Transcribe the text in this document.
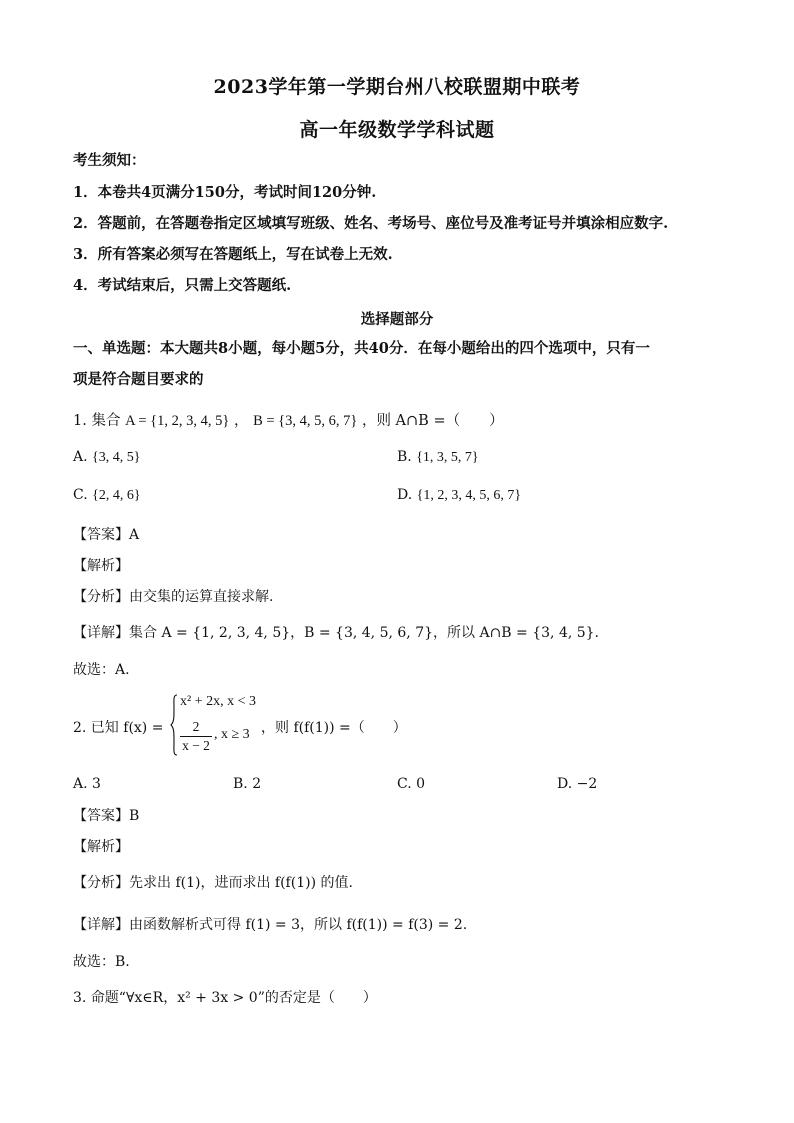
2023学年第一学期台州八校联盟期中联考
高一年级数学学科试题
考生须知：
1．本卷共4页满分150分，考试时间120分钟.
2．答题前，在答题卷指定区域填写班级、姓名、考场号、座位号及准考证号并填涂相应数字.
3．所有答案必须写在答题纸上，写在试卷上无效.
4．考试结束后，只需上交答题纸.
选择题部分
一、单选题：本大题共8小题，每小题5分，共40分．在每小题给出的四个选项中，只有一
项是符合题目要求的
1. 集合 A = {1, 2, 3, 4, 5} ， B = {3, 4, 5, 6, 7} ，则 A∩B =（　　）
A. {3, 4, 5}	B. {1, 3, 5, 7}
C. {2, 4, 6}	D. {1, 2, 3, 4, 5, 6, 7}
【答案】A
【解析】
【分析】由交集的运算直接求解.
【详解】集合 A = {1, 2, 3, 4, 5}，B = {3, 4, 5, 6, 7}，所以 A∩B = {3, 4, 5}.
故选：A.
2. 已知 f(x) =
x² + 2x, x < 3
2
x − 2
, x ≥ 3 ，则 f(f(1)) =（　　）
A. 3	B. 2	C. 0	D. −2
【答案】B
【解析】
【分析】先求出 f(1)，进而求出 f(f(1)) 的值.
【详解】由函数解析式可得 f(1) = 3，所以 f(f(1)) = f(3) = 2.
故选：B.
3. 命题“∀x∈R，x² + 3x > 0”的否定是（　　）
